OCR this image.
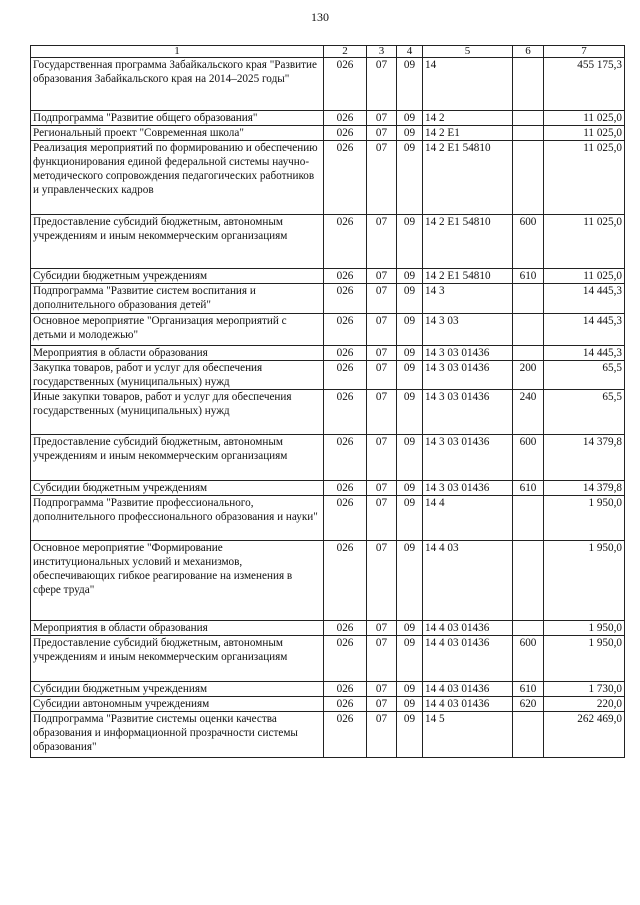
130
1	2	3	4	5	6	7
Государственная программа Забайкальского края "Развитие образования Забайкальского края на 2014–2025 годы"	026	07	09	14		455 175,3
Подпрограмма "Развитие общего образования"	026	07	09	14 2		11 025,0
Региональный проект "Современная школа"	026	07	09	14 2 E1		11 025,0
Реализация мероприятий по формированию и обеспечению функционирования единой федеральной системы научно-методического сопровождения педагогических работников и управленческих кадров	026	07	09	14 2 E1 54810		11 025,0
Предоставление субсидий бюджетным, автономным учреждениям и иным некоммерческим организациям	026	07	09	14 2 E1 54810	600	11 025,0
Субсидии бюджетным учреждениям	026	07	09	14 2 E1 54810	610	11 025,0
Подпрограмма "Развитие систем воспитания и дополнительного образования детей"	026	07	09	14 3		14 445,3
Основное мероприятие "Организация мероприятий с детьми и молодежью"	026	07	09	14 3 03		14 445,3
Мероприятия в области образования	026	07	09	14 3 03 01436		14 445,3
Закупка товаров, работ и услуг для обеспечения государственных (муниципальных) нужд	026	07	09	14 3 03 01436	200	65,5
Иные закупки товаров, работ и услуг для обеспечения государственных (муниципальных) нужд	026	07	09	14 3 03 01436	240	65,5
Предоставление субсидий бюджетным, автономным учреждениям и иным некоммерческим организациям	026	07	09	14 3 03 01436	600	14 379,8
Субсидии бюджетным учреждениям	026	07	09	14 3 03 01436	610	14 379,8
Подпрограмма "Развитие профессионального, дополнительного профессионального образования и науки"	026	07	09	14 4		1 950,0
Основное мероприятие "Формирование институциональных условий и механизмов, обеспечивающих гибкое реагирование на изменения в сфере труда"	026	07	09	14 4 03		1 950,0
Мероприятия в области образования	026	07	09	14 4 03 01436		1 950,0
Предоставление субсидий бюджетным, автономным учреждениям и иным некоммерческим организациям	026	07	09	14 4 03 01436	600	1 950,0
Субсидии бюджетным учреждениям	026	07	09	14 4 03 01436	610	1 730,0
Субсидии автономным учреждениям	026	07	09	14 4 03 01436	620	220,0
Подпрограмма "Развитие системы оценки качества образования и информационной прозрачности системы образования"	026	07	09	14 5		262 469,0
